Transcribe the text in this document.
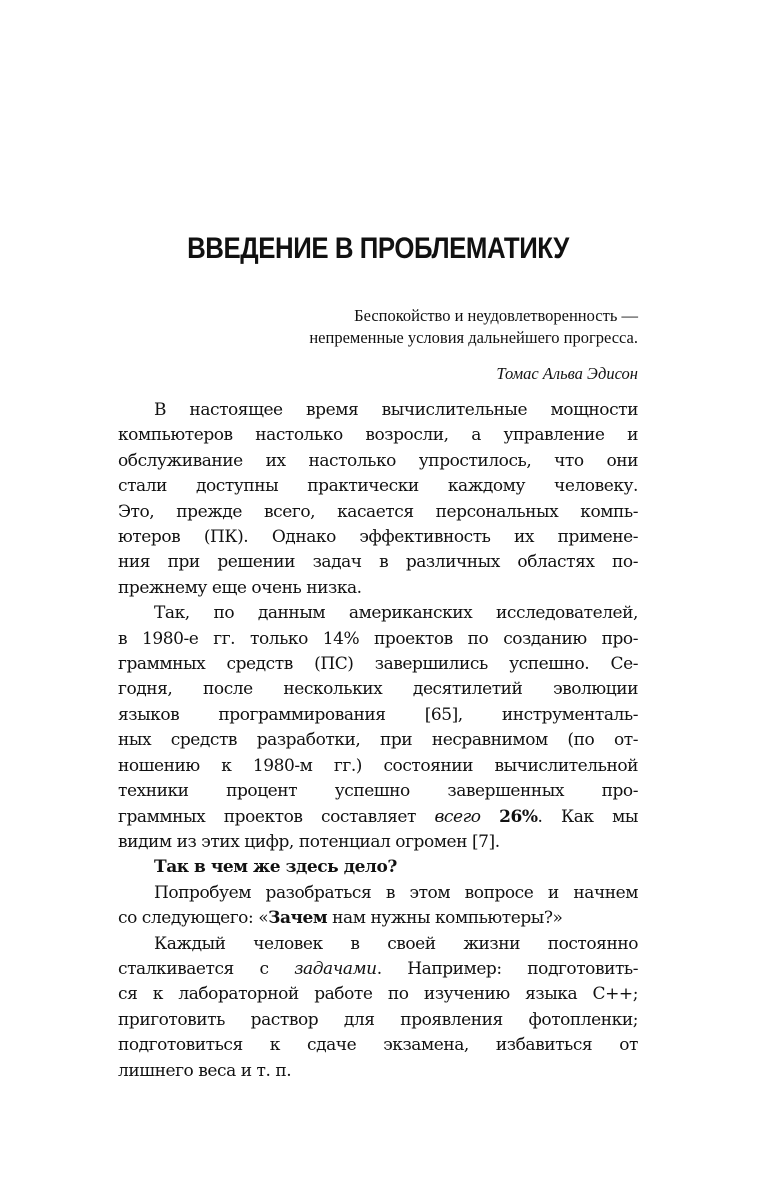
ВВЕДЕНИЕ В ПРОБЛЕМАТИКУ
Беспокойство и неудовлетворенность —
непременные условия дальнейшего прогресса.
Томас Альва Эдисон
В настоящее время вычислительные мощности
компьютеров настолько возросли, а управление и
обслуживание их настолько упростилось, что они
стали доступны практически каждому человеку.
Это, прежде всего, касается персональных компь-
ютеров (ПК). Однако эффективность их примене-
ния при решении задач в различных областях по-
прежнему еще очень низка.
Так, по данным американских исследователей,
в 1980-е гг. только 14% проектов по созданию про-
граммных средств (ПС) завершились успешно. Се-
годня, после нескольких десятилетий эволюции
языков программирования [65], инструменталь-
ных средств разработки, при несравнимом (по от-
ношению к 1980-м гг.) состоянии вычислительной
техники процент успешно завершенных про-
граммных проектов составляет всего 26%. Как мы
видим из этих цифр, потенциал огромен [7].
Так в чем же здесь дело?
Попробуем разобраться в этом вопросе и начнем
со следующего: «Зачем нам нужны компьютеры?»
Каждый человек в своей жизни постоянно
сталкивается с задачами. Например: подготовить-
ся к лабораторной работе по изучению языка С++;
приготовить раствор для проявления фотопленки;
подготовиться к сдаче экзамена, избавиться от
лишнего веса и т. п.
